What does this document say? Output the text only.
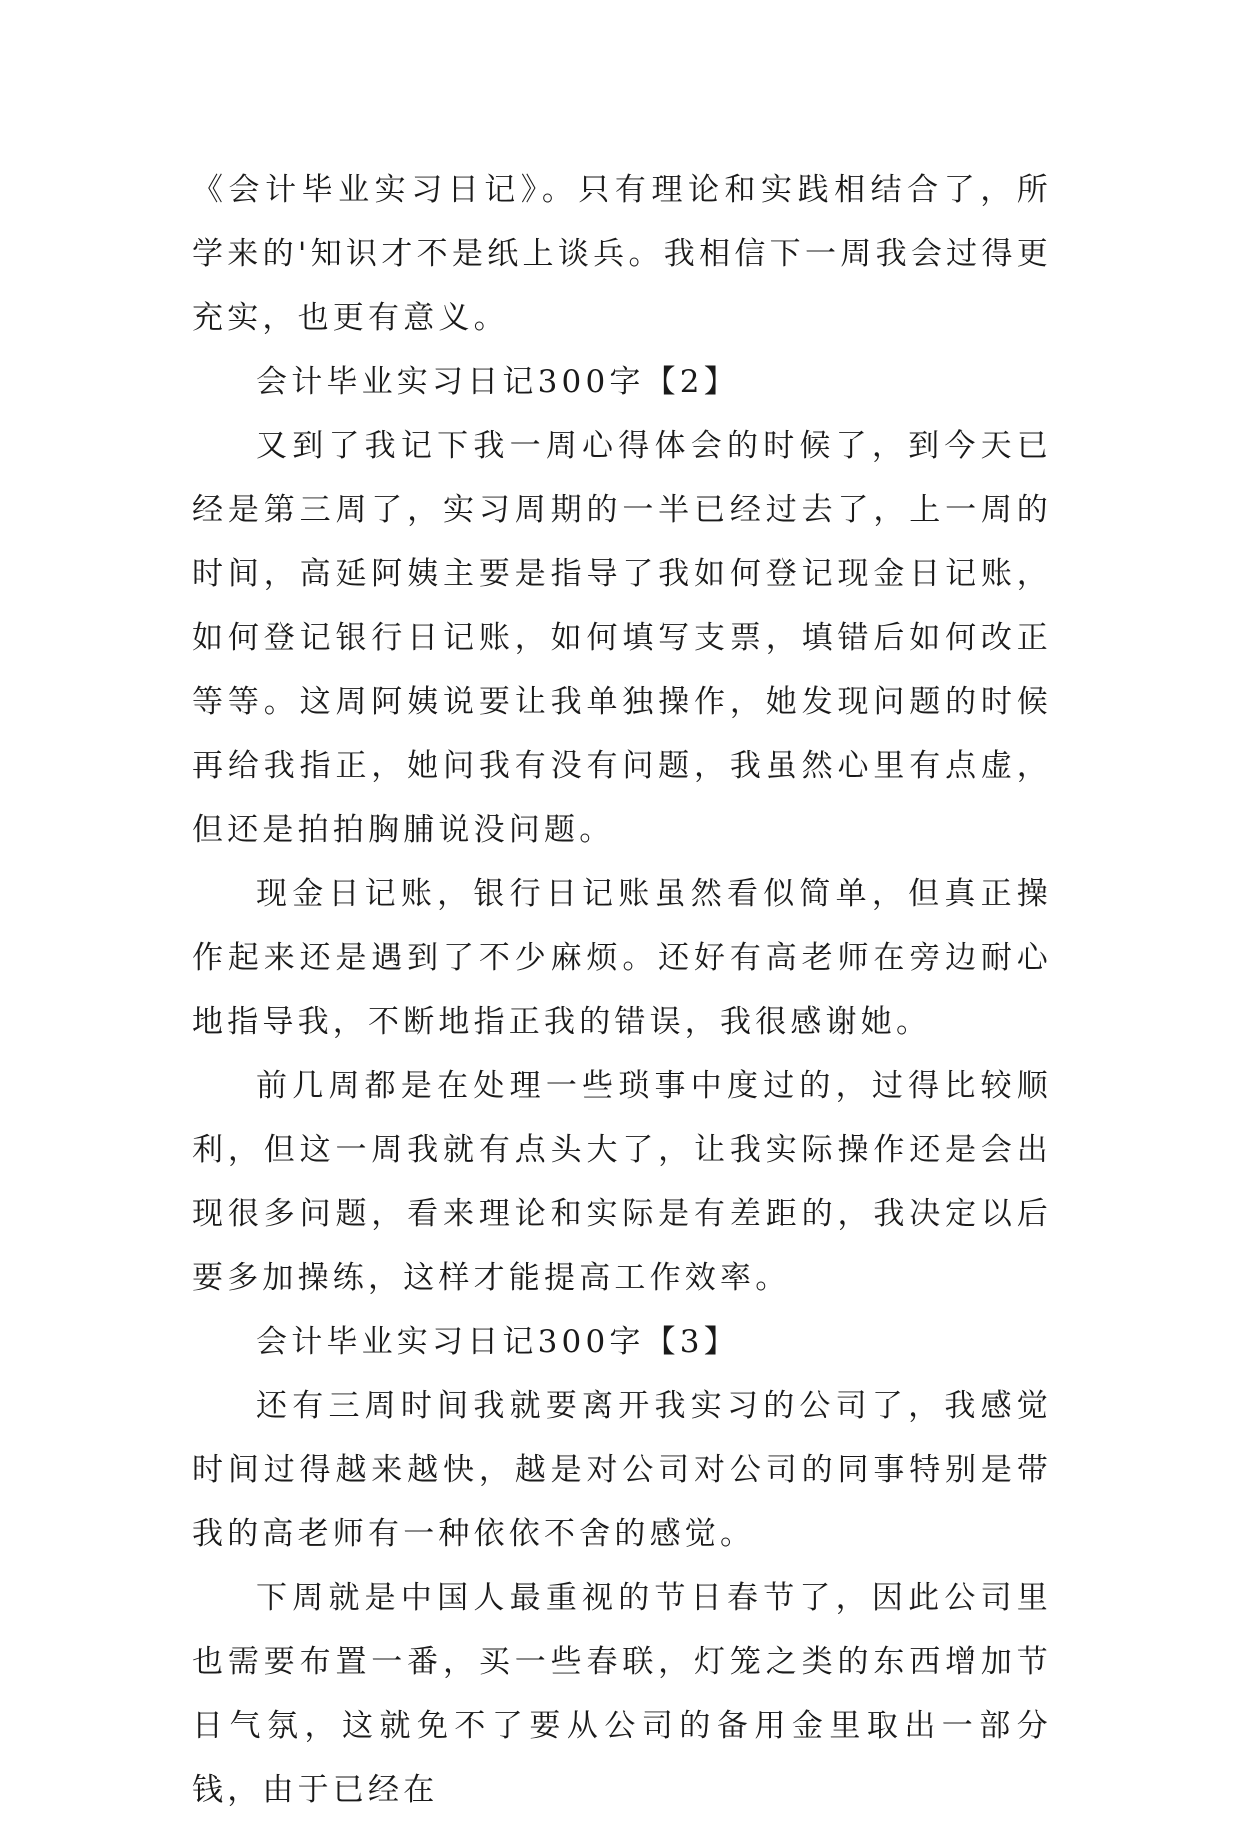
《会计毕业实习日记》。只有理论和实践相结合了，所学来的'知识才不是纸上谈兵。我相信下一周我会过得更充实，也更有意义。

会计毕业实习日记300字【2】

又到了我记下我一周心得体会的时候了，到今天已经是第三周了，实习周期的一半已经过去了，上一周的时间，高延阿姨主要是指导了我如何登记现金日记账，如何登记银行日记账，如何填写支票，填错后如何改正等等。这周阿姨说要让我单独操作，她发现问题的时候再给我指正，她问我有没有问题，我虽然心里有点虚，但还是拍拍胸脯说没问题。

现金日记账，银行日记账虽然看似简单，但真正操作起来还是遇到了不少麻烦。还好有高老师在旁边耐心地指导我，不断地指正我的错误，我很感谢她。

前几周都是在处理一些琐事中度过的，过得比较顺利，但这一周我就有点头大了，让我实际操作还是会出现很多问题，看来理论和实际是有差距的，我决定以后要多加操练，这样才能提高工作效率。

会计毕业实习日记300字【3】

还有三周时间我就要离开我实习的公司了，我感觉时间过得越来越快，越是对公司对公司的同事特别是带我的高老师有一种依依不舍的感觉。

下周就是中国人最重视的节日春节了，因此公司里也需要布置一番，买一些春联，灯笼之类的东西增加节日气氛，这就免不了要从公司的备用金里取出一部分钱，由于已经在
